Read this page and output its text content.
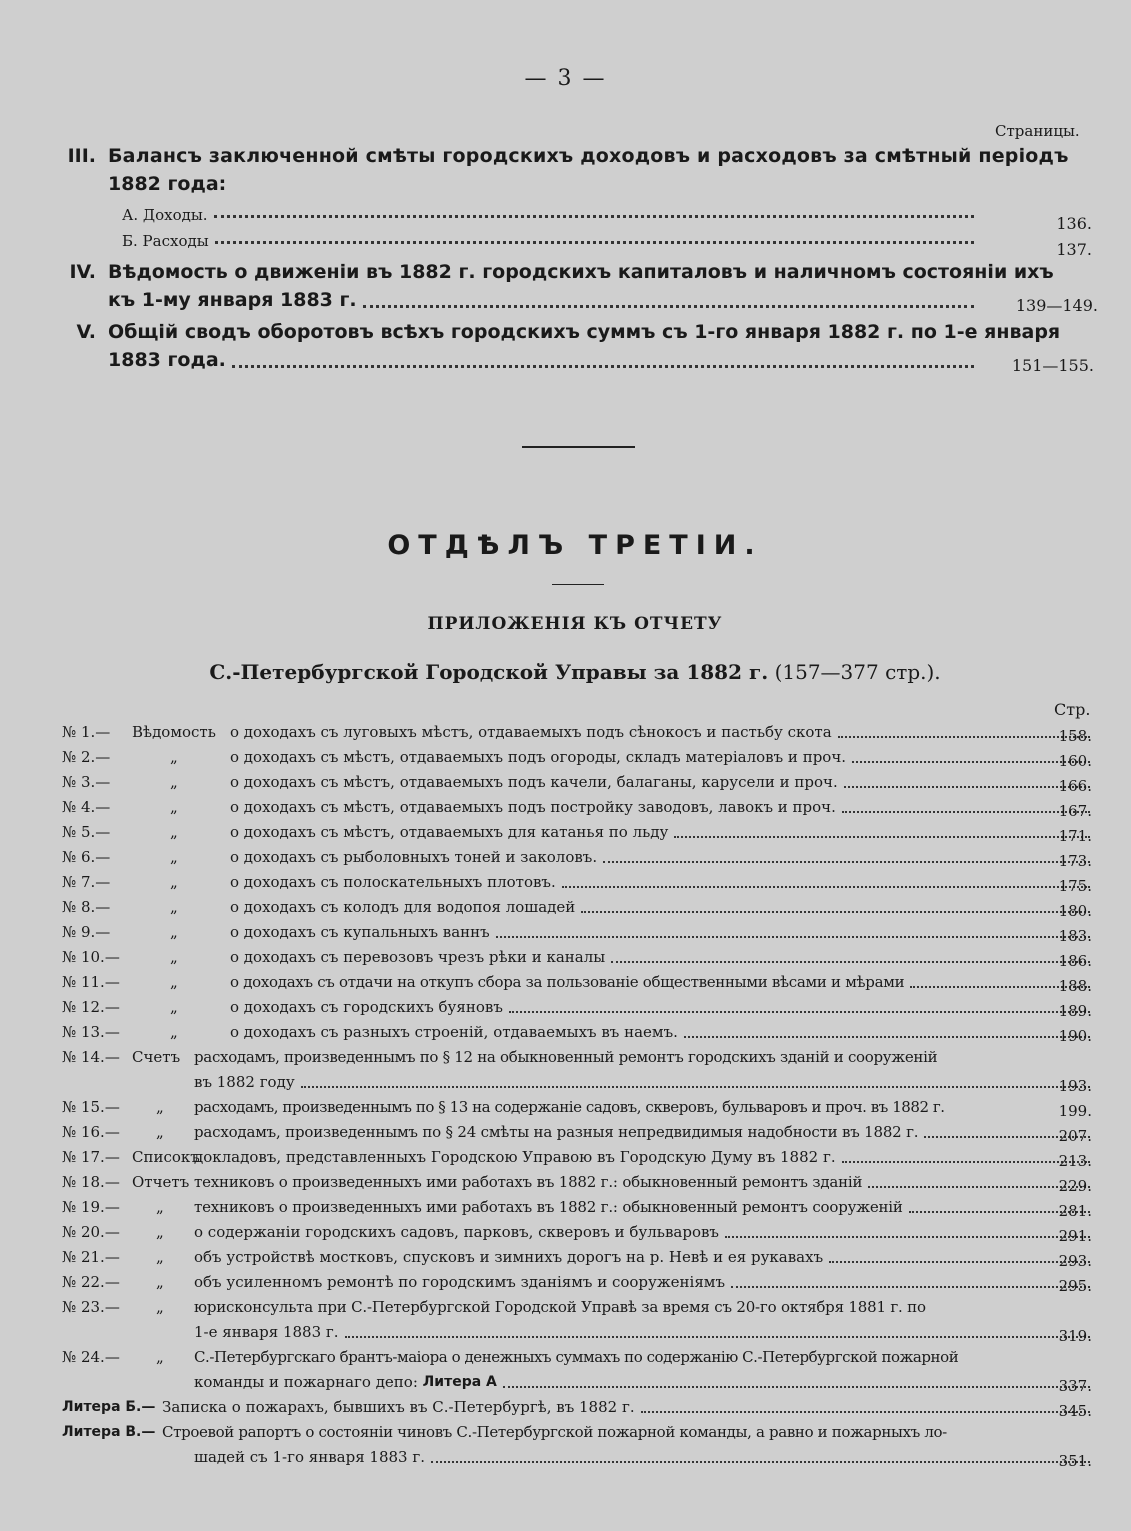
— 3 —
Страницы.
III. Балансъ заключенной смѣты городскихъ доходовъ и расходовъ за смѣтный періодъ
1882 года:
А. Доходы.	136.
Б. Расходы	137.
IV. Вѣдомость о движеніи въ 1882 г. городскихъ капиталовъ и наличномъ состояніи ихъ
къ 1-му января 1883 г.	139—149.
V. Общій сводъ оборотовъ всѣхъ городскихъ суммъ съ 1-го января 1882 г. по 1-е января
1883 года.	151—155.
ОТДѢЛЪ ТРЕТІИ.
ПРИЛОЖЕНІЯ КЪ ОТЧЕТУ
С.-Петербургской Городской Управы за 1882 г. (157—377 стр.).
Стр.
№ 1.— Вѣдомость о доходахъ съ луговыхъ мѣстъ, отдаваемыхъ подъ сѣнокосъ и пастьбу скота	158.
№ 2.—	„	о доходахъ съ мѣстъ, отдаваемыхъ подъ огороды, складъ матеріаловъ и проч.	160.
№ 3.—	„	о доходахъ съ мѣстъ, отдаваемыхъ подъ качели, балаганы, карусели и проч.	166.
№ 4.—	„	о доходахъ съ мѣстъ, отдаваемыхъ подъ постройку заводовъ, лавокъ и проч.	167.
№ 5.—	„	о доходахъ съ мѣстъ, отдаваемыхъ для катанья по льду	171.
№ 6.—	„	о доходахъ съ рыболовныхъ тоней и заколовъ.	173.
№ 7.—	„	о доходахъ съ полоскательныхъ плотовъ.	175.
№ 8.—	„	о доходахъ съ колодъ для водопоя лошадей	180.
№ 9.—	„	о доходахъ съ купальныхъ ваннъ	183.
№ 10.—	„	о доходахъ съ перевозовъ чрезъ рѣки и каналы	186.
№ 11.—	„	о доходахъ съ отдачи на откупъ сбора за пользованіе общественными вѣсами и мѣрами	188.
№ 12.—	„	о доходахъ съ городскихъ буяновъ	189.
№ 13.—	„	о доходахъ съ разныхъ строеній, отдаваемыхъ въ наемъ.	190.
№ 14.— Счетъ расходамъ, произведеннымъ по § 12 на обыкновенный ремонтъ городскихъ зданій и сооруженій
въ 1882 году	193.
№ 15.— „ расходамъ, произведеннымъ по § 13 на содержаніе садовъ, скверовъ, бульваровъ и проч. въ 1882 г.	199.
№ 16.— „ расходамъ, произведеннымъ по § 24 смѣты на разныя непредвидимыя надобности въ 1882 г.	207.
№ 17.— Списокъ
докладовъ, представленныхъ Городскою Управою въ Городскую Думу въ 1882 г.	213.
№ 18.— Отчетъ техниковъ о произведенныхъ ими работахъ въ 1882 г.: обыкновенный ремонтъ зданій	229.
№ 19.— „ техниковъ о произведенныхъ ими работахъ въ 1882 г.: обыкновенный ремонтъ сооруженій	281.
№ 20.— „ о содержаніи городскихъ садовъ, парковъ, скверовъ и бульваровъ	291.
№ 21.— „ объ устройствѣ мостковъ, спусковъ и зимнихъ дорогъ на р. Невѣ и ея рукавахъ	293.
№ 22.— „ объ усиленномъ ремонтѣ по городскимъ зданіямъ и сооруженіямъ	295.
№ 23.— „ юрисконсульта при С.-Петербургской Городской Управѣ за время съ 20-го октября 1881 г. по
1-е января 1883 г.	319.
№ 24.— „ С.-Петербургскаго брантъ-маіора о денежныхъ суммахъ по содержанію С.-Петербургской пожарной
команды и пожарнаго депо:
Литера А	337.
Литера Б.— Записка о пожарахъ, бывшихъ въ С.-Петербургѣ, въ 1882 г.	345.
Литера В.— Строевой рапортъ о состояніи чиновъ С.-Петербургской пожарной команды, а равно и пожарныхъ ло-
шадей съ 1-го января 1883 г.	351.
